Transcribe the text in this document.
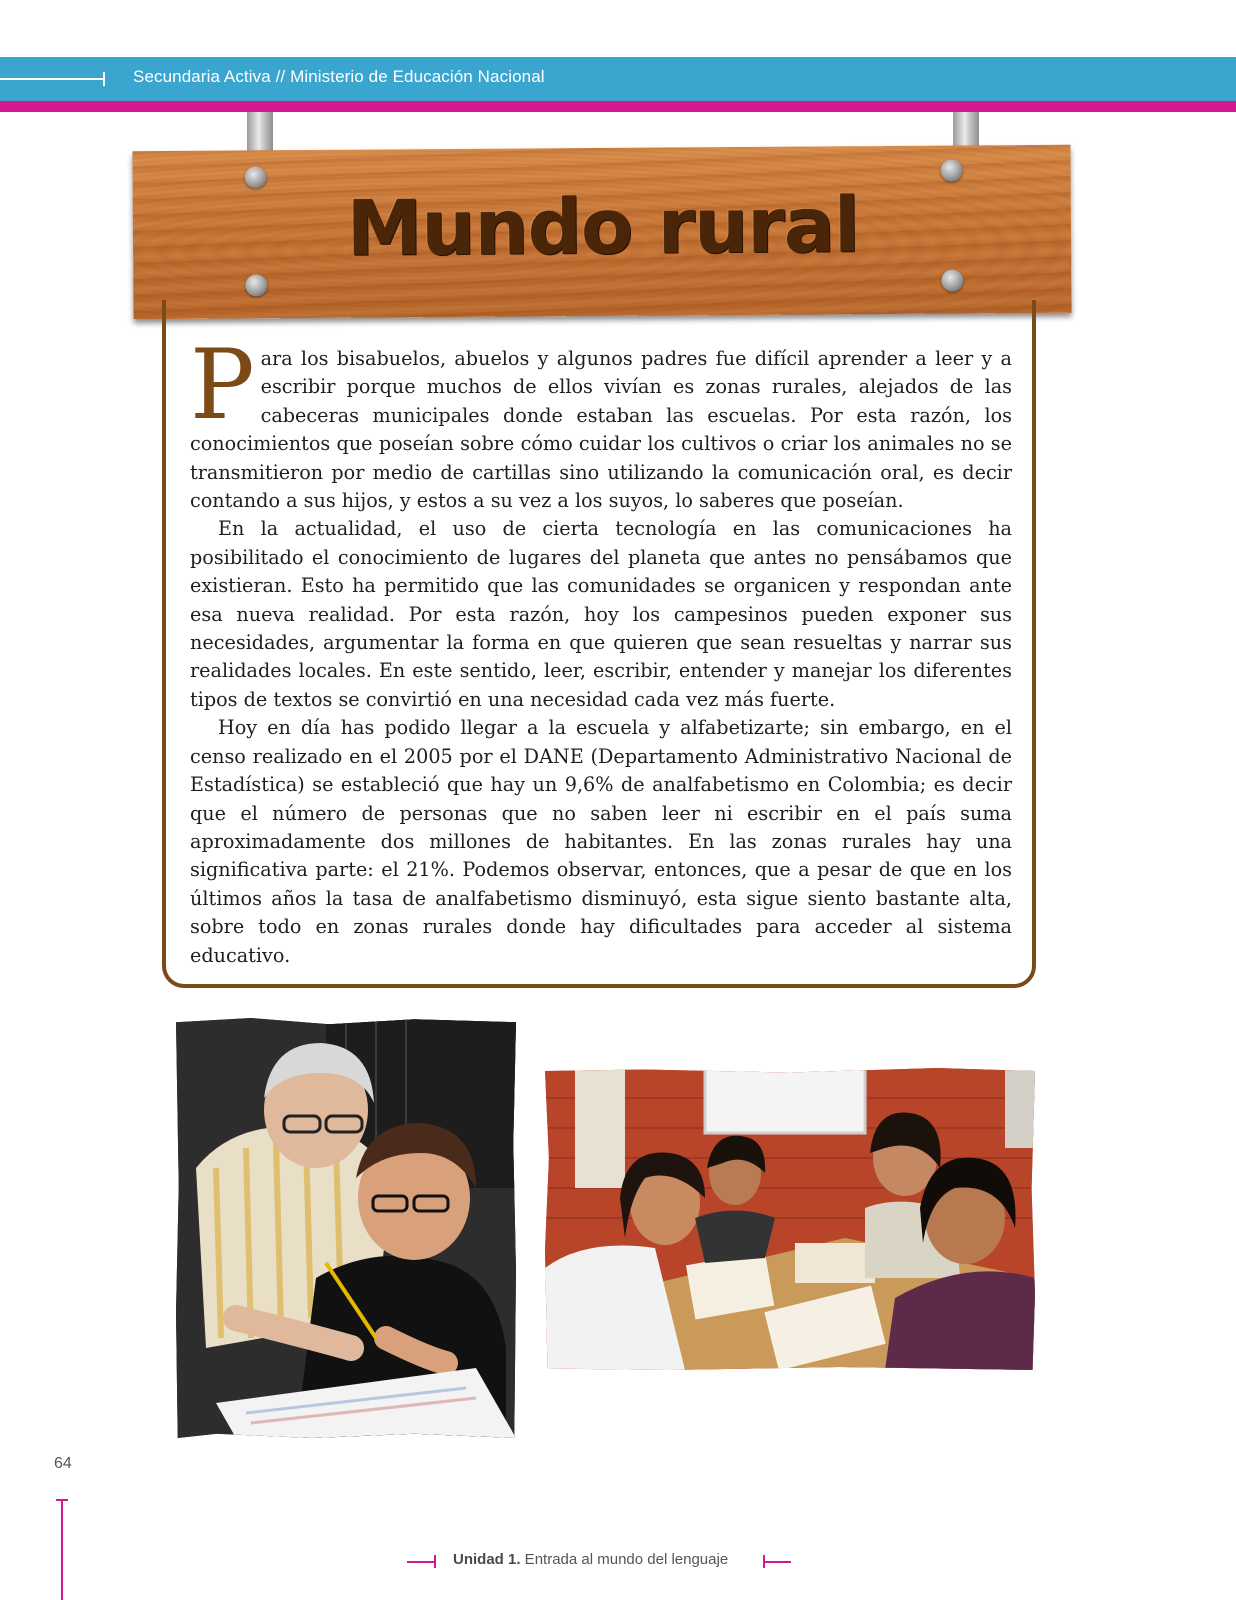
Secundaria Activa // Ministerio de Educación Nacional
Mundo rural

P ara los bisabuelos, abuelos y algunos padres fue difícil aprender a leer y a escribir porque muchos de ellos vivían es zonas rurales, alejados de las cabeceras municipales donde estaban las escuelas. Por esta razón, los conocimientos que poseían sobre cómo cuidar los cultivos o criar los animales no se transmitieron por medio de cartillas sino utilizando la comunicación oral, es decir contando a sus hijos, y estos a su vez a los suyos, lo saberes que poseían.

En la actualidad, el uso de cierta tecnología en las comunicaciones ha posibilitado el conocimiento de lugares del planeta que antes no pensábamos que existieran. Esto ha permitido que las comunidades se organicen y respondan ante esa nueva realidad. Por esta razón, hoy los campesinos pueden exponer sus necesidades, argumentar la forma en que quieren que sean resueltas y narrar sus realidades locales. En este sentido, leer, escribir, entender y manejar los diferentes tipos de textos se convirtió en una necesidad cada vez más fuerte.

Hoy en día has podido llegar a la escuela y alfabetizarte; sin embargo, en el censo realizado en el 2005 por el DANE (Departamento Administrativo Nacional de Estadística) se estableció que hay un 9,6% de analfabetismo en Colombia; es decir que el número de personas que no saben leer ni escribir en el país suma aproximadamente dos millones de habitantes. En las zonas rurales hay una significativa parte: el 21%. Podemos observar, entonces, que a pesar de que en los últimos años la tasa de analfabetismo disminuyó, esta sigue siento bastante alta, sobre todo en zonas rurales donde hay dificultades para acceder al sistema educativo.

64
Unidad 1. Entrada al mundo del lenguaje
